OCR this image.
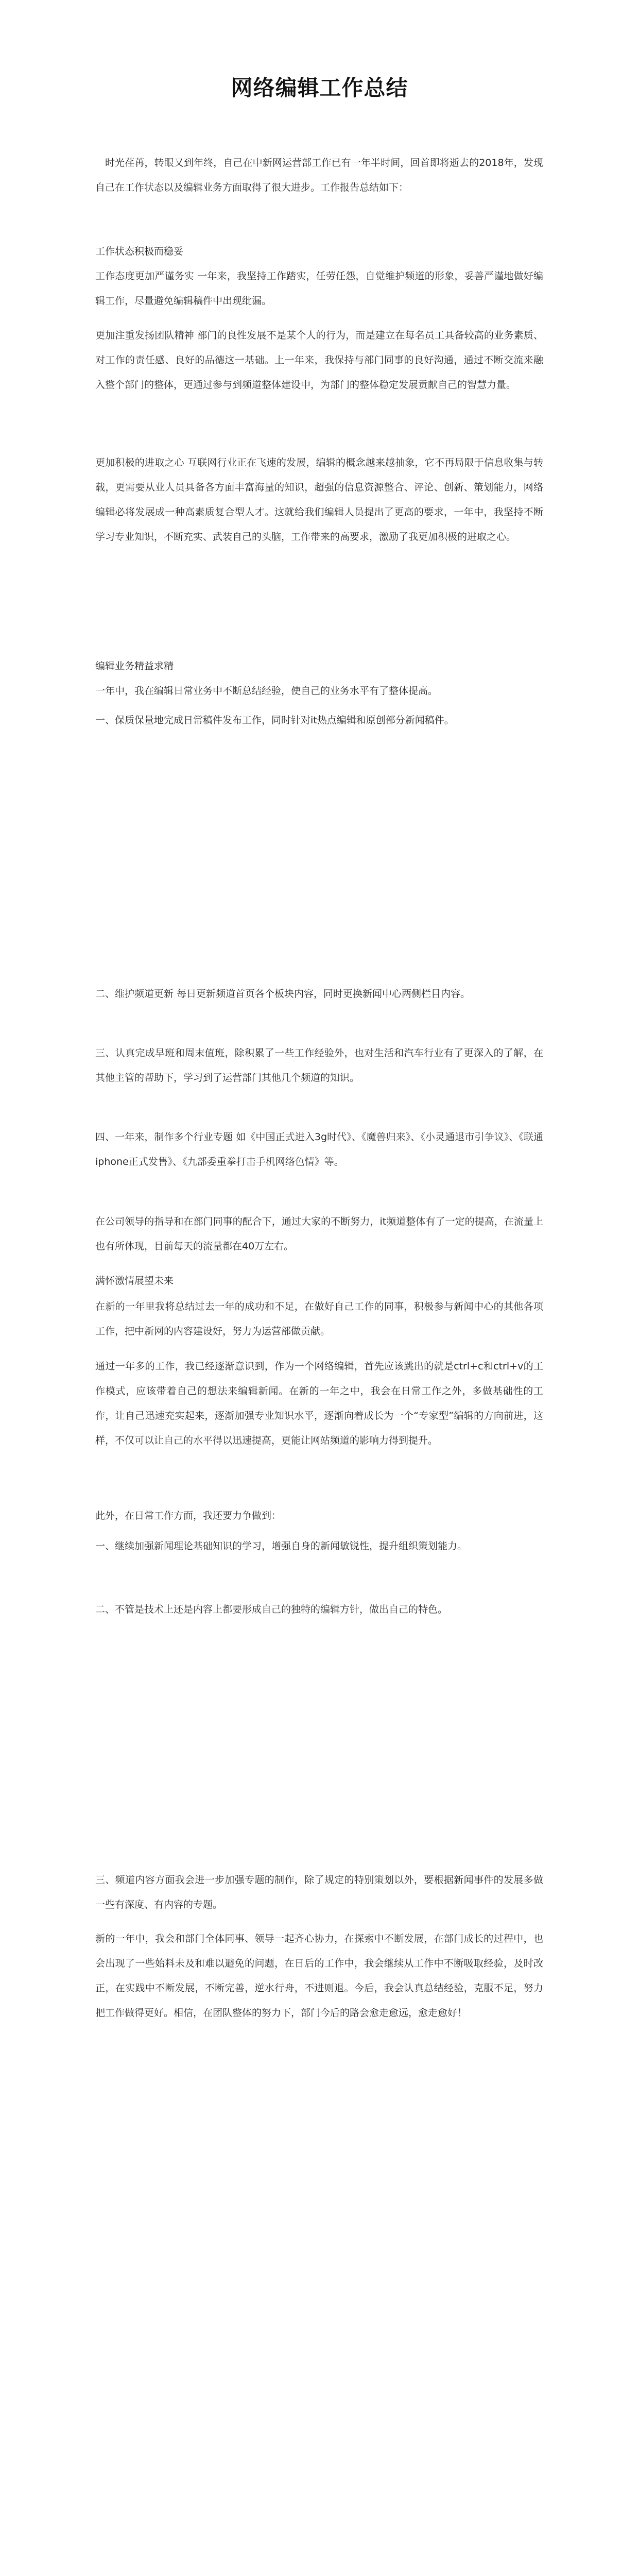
网络编辑工作总结

时光荏苒，转眼又到年终，自己在中新网运营部工作已有一年半时间，回首即将逝去的2018年，发现自己在工作状态以及编辑业务方面取得了很大进步。工作报告总结如下：

工作状态积极而稳妥

工作态度更加严谨务实 一年来，我坚持工作踏实，任劳任怨，自觉维护频道的形象，妥善严谨地做好编辑工作，尽量避免编辑稿件中出现纰漏。

更加注重发扬团队精神 部门的良性发展不是某个人的行为，而是建立在每名员工具备较高的业务素质、对工作的责任感、良好的品德这一基础。上一年来，我保持与部门同事的良好沟通，通过不断交流来融入整个部门的整体，更通过参与到频道整体建设中，为部门的整体稳定发展贡献自己的智慧力量。

更加积极的进取之心 互联网行业正在飞速的发展，编辑的概念越来越抽象，它不再局限于信息收集与转载，更需要从业人员具备各方面丰富海量的知识，超强的信息资源整合、评论、创新、策划能力，网络编辑必将发展成一种高素质复合型人才。这就给我们编辑人员提出了更高的要求，一年中，我坚持不断学习专业知识，不断充实、武装自己的头脑，工作带来的高要求，激励了我更加积极的进取之心。

编辑业务精益求精

一年中，我在编辑日常业务中不断总结经验，使自己的业务水平有了整体提高。

一、保质保量地完成日常稿件发布工作，同时针对it热点编辑和原创部分新闻稿件。

二、维护频道更新 每日更新频道首页各个板块内容，同时更换新闻中心两侧栏目内容。

三、认真完成早班和周末值班，除积累了一些工作经验外，也对生活和汽车行业有了更深入的了解，在其他主管的帮助下，学习到了运营部门其他几个频道的知识。

四、一年来，制作多个行业专题 如《中国正式进入3g时代》、《魔兽归来》、《小灵通退市引争议》、《联通iphone正式发售》、《九部委重拳打击手机网络色情》等。

在公司领导的指导和在部门同事的配合下，通过大家的不断努力，it频道整体有了一定的提高，在流量上也有所体现，目前每天的流量都在40万左右。

满怀激情展望未来

在新的一年里我将总结过去一年的成功和不足，在做好自己工作的同事，积极参与新闻中心的其他各项工作，把中新网的内容建设好，努力为运营部做贡献。

通过一年多的工作，我已经逐渐意识到，作为一个网络编辑，首先应该跳出的就是ctrl+c和ctrl+v的工作模式，应该带着自己的想法来编辑新闻。在新的一年之中，我会在日常工作之外，多做基础性的工作，让自己迅速充实起来，逐渐加强专业知识水平，逐渐向着成长为一个“专家型”编辑的方向前进，这样，不仅可以让自己的水平得以迅速提高，更能让网站频道的影响力得到提升。

此外，在日常工作方面，我还要力争做到：

一、继续加强新闻理论基础知识的学习，增强自身的新闻敏锐性，提升组织策划能力。

二、不管是技术上还是内容上都要形成自己的独特的编辑方针，做出自己的特色。

三、频道内容方面我会进一步加强专题的制作，除了规定的特别策划以外，要根据新闻事件的发展多做一些有深度、有内容的专题。

新的一年中，我会和部门全体同事、领导一起齐心协力，在探索中不断发展，在部门成长的过程中，也会出现了一些始料未及和难以避免的问题，在日后的工作中，我会继续从工作中不断吸取经验，及时改正，在实践中不断发展，不断完善，逆水行舟，不进则退。今后，我会认真总结经验，克服不足，努力把工作做得更好。相信，在团队整体的努力下，部门今后的路会愈走愈远，愈走愈好！
